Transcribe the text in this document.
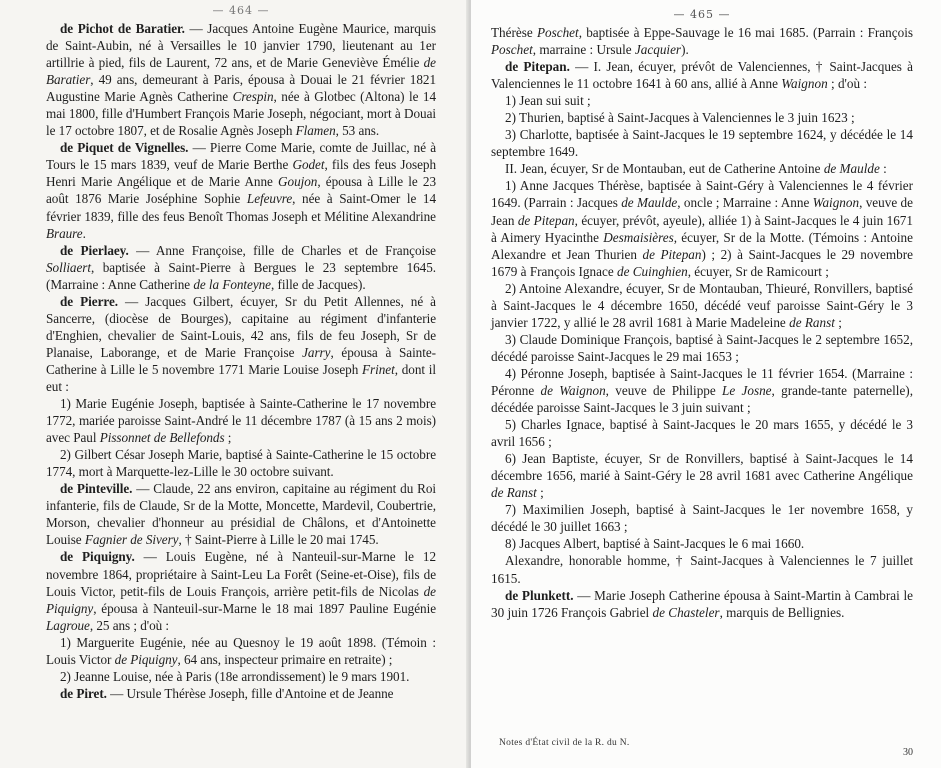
— 464 —

de Pichot de Baratier. — Jacques Antoine Eugène Maurice, marquis de Saint-Aubin, né à Versailles le 10 janvier 1790, lieutenant au 1er artillrie à pied, fils de Laurent, 72 ans, et de Marie Geneviève Émélie de Baratier, 49 ans, demeurant à Paris, épousa à Douai le 21 février 1821 Augustine Marie Agnès Catherine Crespin, née à Glotbec (Altona) le 14 mai 1800, fille d'Humbert François Marie Joseph, négociant, mort à Douai le 17 octobre 1807, et de Rosalie Agnès Joseph Flamen, 53 ans.

de Piquet de Vignelles. — Pierre Come Marie, comte de Juillac, né à Tours le 15 mars 1839, veuf de Marie Berthe Godet, fils des feus Joseph Henri Marie Angélique et de Marie Anne Goujon, épousa à Lille le 23 août 1876 Marie Joséphine Sophie Lefeuvre, née à Saint-Omer le 14 février 1839, fille des feus Benoît Thomas Joseph et Mélitine Alexandrine Braure.

de Pierlaey. — Anne Françoise, fille de Charles et de Françoise Solliaert, baptisée à Saint-Pierre à Bergues le 23 septembre 1645. (Marraine : Anne Catherine de la Fonteyne, fille de Jacques).

de Pierre. — Jacques Gilbert, écuyer, Sr du Petit Allennes, né à Sancerre, (diocèse de Bourges), capitaine au régiment d'infanterie d'Enghien, chevalier de Saint-Louis, 42 ans, fils de feu Joseph, Sr de Planaise, Laborange, et de Marie Françoise Jarry, épousa à Sainte-Catherine à Lille le 5 novembre 1771 Marie Louise Joseph Frinet, dont il eut :

1) Marie Eugénie Joseph, baptisée à Sainte-Catherine le 17 novembre 1772, mariée paroisse Saint-André le 11 décembre 1787 (à 15 ans 2 mois) avec Paul Pissonnet de Bellefonds ;

2) Gilbert César Joseph Marie, baptisé à Sainte-Catherine le 15 octobre 1774, mort à Marquette-lez-Lille le 30 octobre suivant.

de Pinteville. — Claude, 22 ans environ, capitaine au régiment du Roi infanterie, fils de Claude, Sr de la Motte, Moncette, Mardevil, Coubertrie, Morson, chevalier d'honneur au présidial de Châlons, et d'Antoinette Louise Fagnier de Sivery, † Saint-Pierre à Lille le 20 mai 1745.

de Piquigny. — Louis Eugène, né à Nanteuil-sur-Marne le 12 novembre 1864, propriétaire à Saint-Leu La Forêt (Seine-et-Oise), fils de Louis Victor, petit-fils de Louis François, arrière petit-fils de Nicolas de Piquigny, épousa à Nanteuil-sur-Marne le 18 mai 1897 Pauline Eugénie Lagroue, 25 ans ; d'où :

1) Marguerite Eugénie, née au Quesnoy le 19 août 1898. (Témoin : Louis Victor de Piquigny, 64 ans, inspecteur primaire en retraite) ;

2) Jeanne Louise, née à Paris (18e arrondissement) le 9 mars 1901.

de Piret. — Ursule Thérèse Joseph, fille d'Antoine et de Jeanne

— 465 —

Thérèse Poschet, baptisée à Eppe-Sauvage le 16 mai 1685. (Parrain : François Poschet, marraine : Ursule Jacquier).

de Pitepan. — I. Jean, écuyer, prévôt de Valenciennes, † Saint-Jacques à Valenciennes le 11 octobre 1641 à 60 ans, allié à Anne Waignon ; d'où :

1) Jean sui suit ;

2) Thurien, baptisé à Saint-Jacques à Valenciennes le 3 juin 1623 ;

3) Charlotte, baptisée à Saint-Jacques le 19 septembre 1624, y décédée le 14 septembre 1649.

II. Jean, écuyer, Sr de Montauban, eut de Catherine Antoine de Maulde :

1) Anne Jacques Thérèse, baptisée à Saint-Géry à Valenciennes le 4 février 1649. (Parrain : Jacques de Maulde, oncle ; Marraine : Anne Waignon, veuve de Jean de Pitepan, écuyer, prévôt, ayeule), alliée 1) à Saint-Jacques le 4 juin 1671 à Aimery Hyacinthe Desmaisières, écuyer, Sr de la Motte. (Témoins : Antoine Alexandre et Jean Thurien de Pitepan) ; 2) à Saint-Jacques le 29 novembre 1679 à François Ignace de Cuinghien, écuyer, Sr de Ramicourt ;

2) Antoine Alexandre, écuyer, Sr de Montauban, Thieuré, Ronvillers, baptisé à Saint-Jacques le 4 décembre 1650, décédé veuf paroisse Saint-Géry le 3 janvier 1722, y allié le 28 avril 1681 à Marie Madeleine de Ranst ;

3) Claude Dominique François, baptisé à Saint-Jacques le 2 septembre 1652, décédé paroisse Saint-Jacques le 29 mai 1653 ;

4) Péronne Joseph, baptisée à Saint-Jacques le 11 février 1654. (Marraine : Péronne de Waignon, veuve de Philippe Le Josne, grande-tante paternelle), décédée paroisse Saint-Jacques le 3 juin suivant ;

5) Charles Ignace, baptisé à Saint-Jacques le 20 mars 1655, y décédé le 3 avril 1656 ;

6) Jean Baptiste, écuyer, Sr de Ronvillers, baptisé à Saint-Jacques le 14 décembre 1656, marié à Saint-Géry le 28 avril 1681 avec Catherine Angélique de Ranst ;

7) Maximilien Joseph, baptisé à Saint-Jacques le 1er novembre 1658, y décédé le 30 juillet 1663 ;

8) Jacques Albert, baptisé à Saint-Jacques le 6 mai 1660.

Alexandre, honorable homme, † Saint-Jacques à Valenciennes le 7 juillet 1615.

de Plunkett. — Marie Joseph Catherine épousa à Saint-Martin à Cambrai le 30 juin 1726 François Gabriel de Chasteler, marquis de Bellignies.

Notes d'État civil de la R. du N.
30
